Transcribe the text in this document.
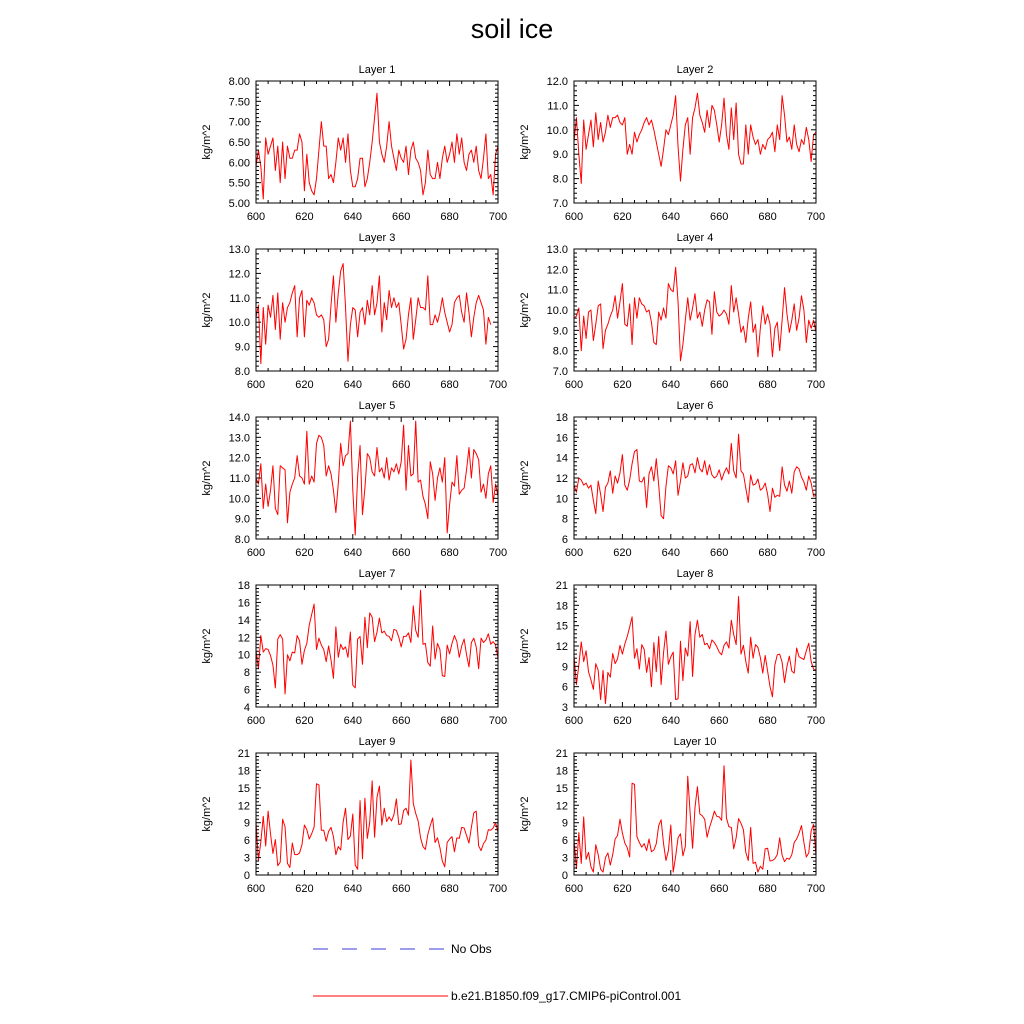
soil ice
Layer 1
kg/m^2
600	620	640	660	680	700
5.00
5.50
6.00
6.50
7.00
7.50
8.00
Layer 2
kg/m^2
600	620	640	660	680	700
7.0
8.0
9.0
10.0
11.0
12.0
Layer 3
kg/m^2
600	620	640	660	680	700
8.0
9.0
10.0
11.0
12.0
13.0
Layer 4
kg/m^2
600	620	640	660	680	700
7.0
8.0
9.0
10.0
11.0
12.0
13.0
Layer 5
kg/m^2
600	620	640	660	680	700
8.0
9.0
10.0
11.0
12.0
13.0
14.0
Layer 6
kg/m^2
600	620	640	660	680	700
6
8
10
12
14
16
18
Layer 7
kg/m^2
600	620	640	660	680	700
4
6
8
10
12
14
16
18
Layer 8
kg/m^2
600	620	640	660	680	700
3
6
9
12
15
18
21
Layer 9
kg/m^2
600	620	640	660	680	700
0
3
6
9
12
15
18
21
Layer 10
kg/m^2
600	620	640	660	680	700
0
3
6
9
12
15
18
21
No Obs
b.e21.B1850.f09_g17.CMIP6-piControl.001
